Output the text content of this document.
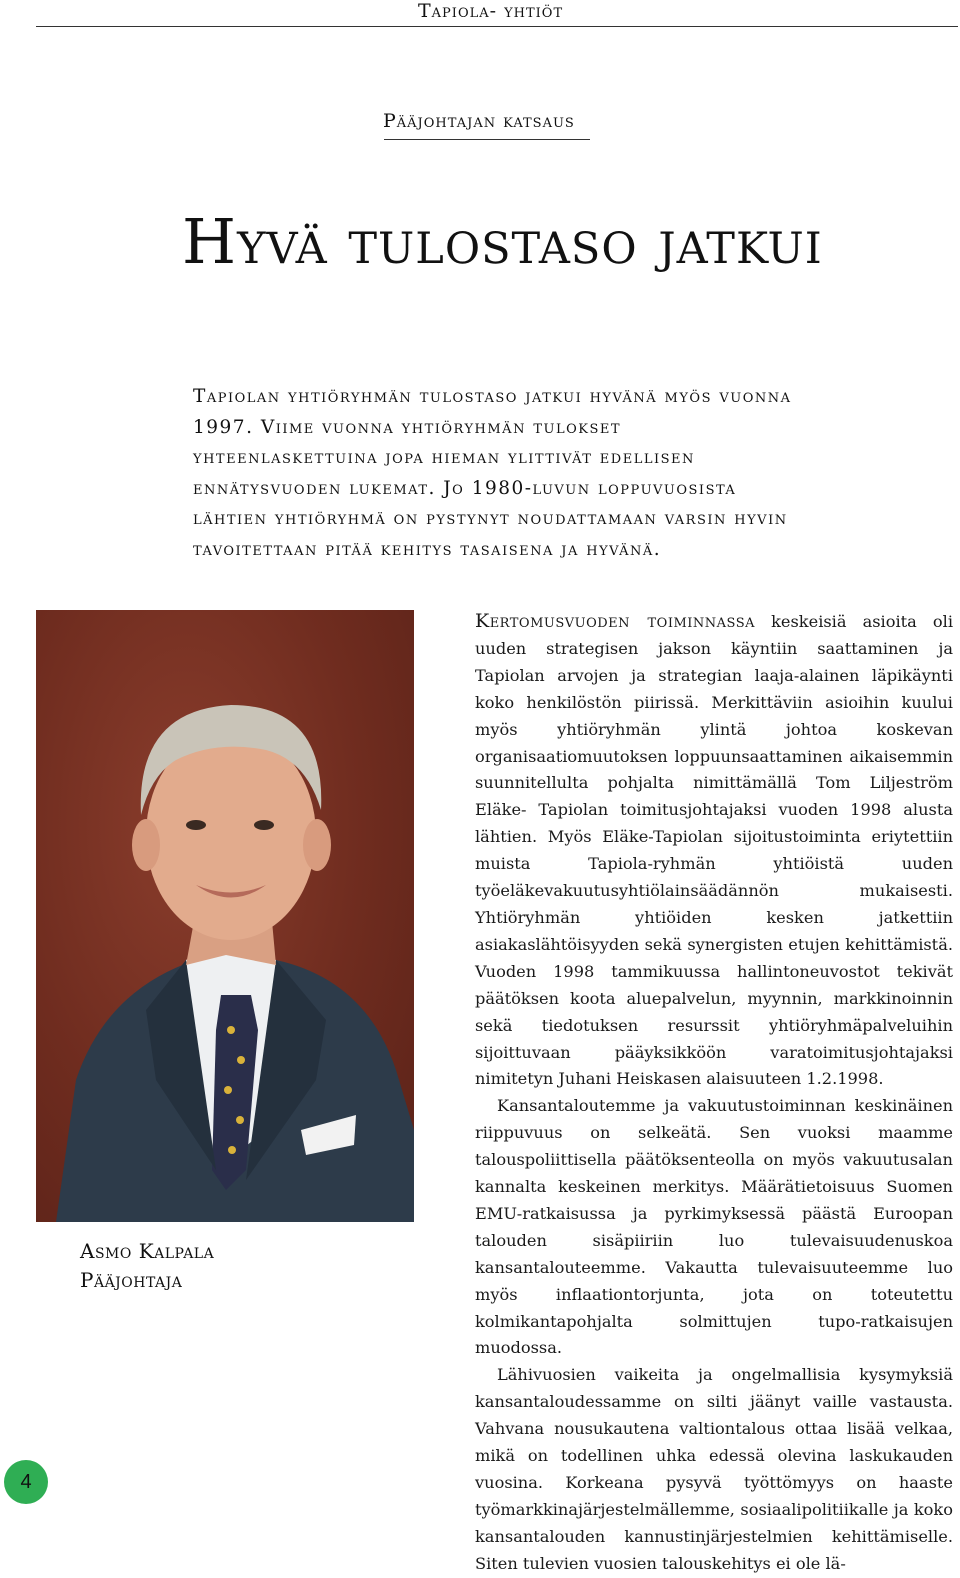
Tapiola- yhtiöt
Pääjohtajan katsaus
Hyvä tulostaso jatkui

Tapiolan yhtiöryhmän tulostaso jatkui hyvänä myös vuonna 1997. Viime vuonna yhtiöryhmän tulokset yhteenlaskettuina jopa hieman ylittivät edellisen ennätysvuoden lukemat. Jo 1980-luvun loppuvuosista lähtien yhtiöryhmä on pystynyt noudattamaan varsin hyvin tavoitettaan pitää kehitys tasaisena ja hyvänä.

Asmo Kalpala
Pääjohtaja

Kertomusvuoden toiminnassa keskeisiä asioita oli uuden strategisen jakson käyntiin saattaminen ja Tapiolan arvojen ja strategian laaja-alainen läpikäynti koko henkilöstön piirissä. Merkittäviin asioihin kuului myös yhtiöryhmän ylintä johtoa koskevan organisaatiomuutoksen loppuunsaattaminen aikaisemmin suunnitellulta pohjalta nimittämällä Tom Liljeström Eläke- Tapiolan toimitusjohtajaksi vuoden 1998 alusta lähtien. Myös Eläke-Tapiolan sijoitustoiminta eriytettiin muista Tapiola-ryhmän yhtiöistä uuden työeläkevakuutusyhtiölainsäädännön mukaisesti. Yhtiöryhmän yhtiöiden kesken jatkettiin asiakaslähtöisyyden sekä synergisten etujen kehittämistä. Vuoden 1998 tammikuussa hallintoneuvostot tekivät päätöksen koota aluepalvelun, myynnin, markkinoinnin sekä tiedotuksen resurssit yhtiöryhmäpalveluihin sijoittuvaan pääyksikköön varatoimitusjohtajaksi nimitetyn Juhani Heiskasen alaisuuteen 1.2.1998.

Kansantaloutemme ja vakuutustoiminnan keskinäinen riippuvuus on selkeätä. Sen vuoksi maamme talouspoliittisella päätöksenteolla on myös vakuutusalan kannalta keskeinen merkitys. Määrätietoisuus Suomen EMU-ratkaisussa ja pyrkimyksessä päästä Euroopan talouden sisäpiiriin luo tulevaisuudenuskoa kansantalouteemme. Vakautta tulevaisuuteemme luo myös inflaationtorjunta, jota on toteutettu kolmikantapohjalta solmittujen tupo-ratkaisujen muodossa.

Lähivuosien vaikeita ja ongelmallisia kysymyksiä kansantaloudessamme on silti jäänyt vaille vastausta. Vahvana nousukautena valtiontalous ottaa lisää velkaa, mikä on todellinen uhka edessä olevina laskukauden vuosina. Korkeana pysyvä työttömyys on haaste työmarkkinajärjestelmällemme, sosiaalipolitiikalle ja koko kansantalouden kannustinjärjestelmien kehittämiselle. Siten tulevien vuosien talouskehitys ei ole lä-

4
